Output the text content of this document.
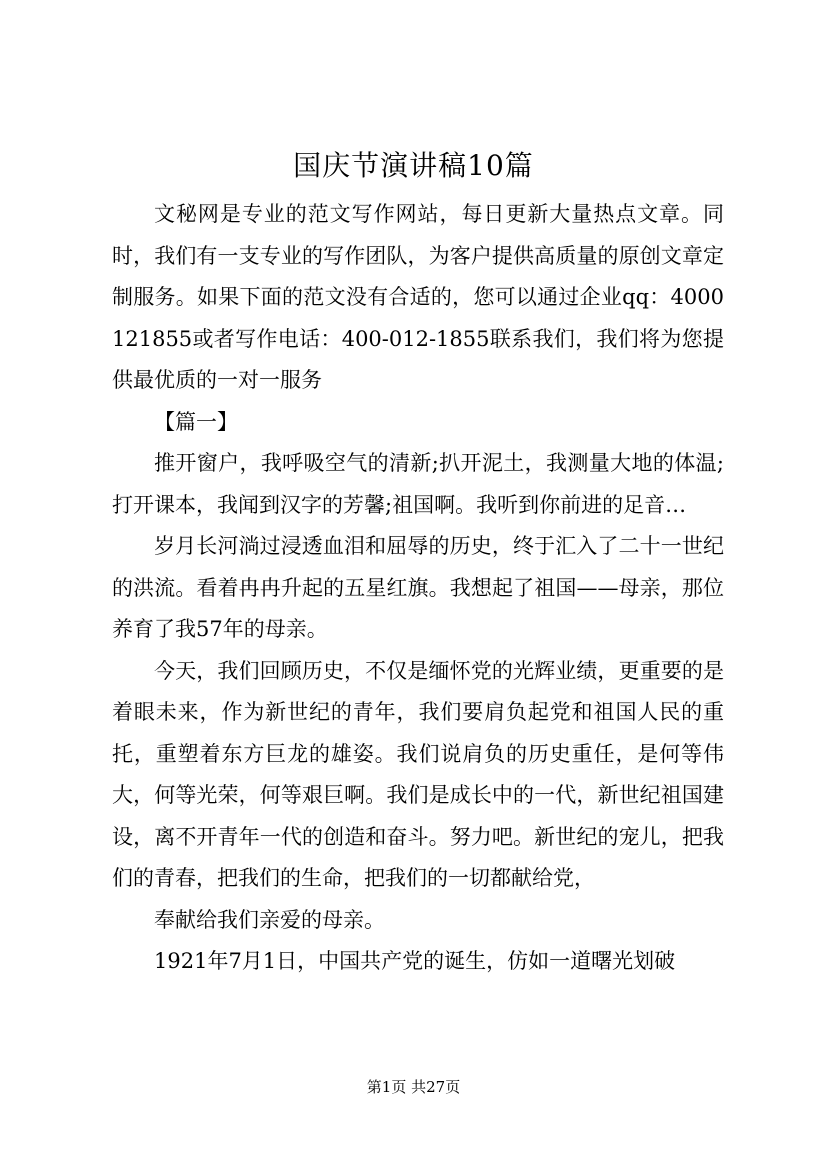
国庆节演讲稿10篇

文秘网是专业的范文写作网站，每日更新大量热点文章。同时，我们有一支专业的写作团队，为客户提供高质量的原创文章定制服务。如果下面的范文没有合适的，您可以通过企业qq：4000121855或者写作电话：400-012-1855联系我们，我们将为您提供最优质的一对一服务

【篇一】

推开窗户，我呼吸空气的清新;扒开泥土，我测量大地的体温;打开课本，我闻到汉字的芳馨;祖国啊。我听到你前进的足音…

岁月长河淌过浸透血泪和屈辱的历史，终于汇入了二十一世纪的洪流。看着冉冉升起的五星红旗。我想起了祖国——母亲，那位养育了我57年的母亲。

今天，我们回顾历史，不仅是缅怀党的光辉业绩，更重要的是着眼未来，作为新世纪的青年，我们要肩负起党和祖国人民的重托，重塑着东方巨龙的雄姿。我们说肩负的历史重任，是何等伟大，何等光荣，何等艰巨啊。我们是成长中的一代，新世纪祖国建设，离不开青年一代的创造和奋斗。努力吧。新世纪的宠儿，把我们的青春，把我们的生命，把我们的一切都献给党，

奉献给我们亲爱的母亲。

1921年7月1日，中国共产党的诞生，仿如一道曙光划破

第1页 共27页
